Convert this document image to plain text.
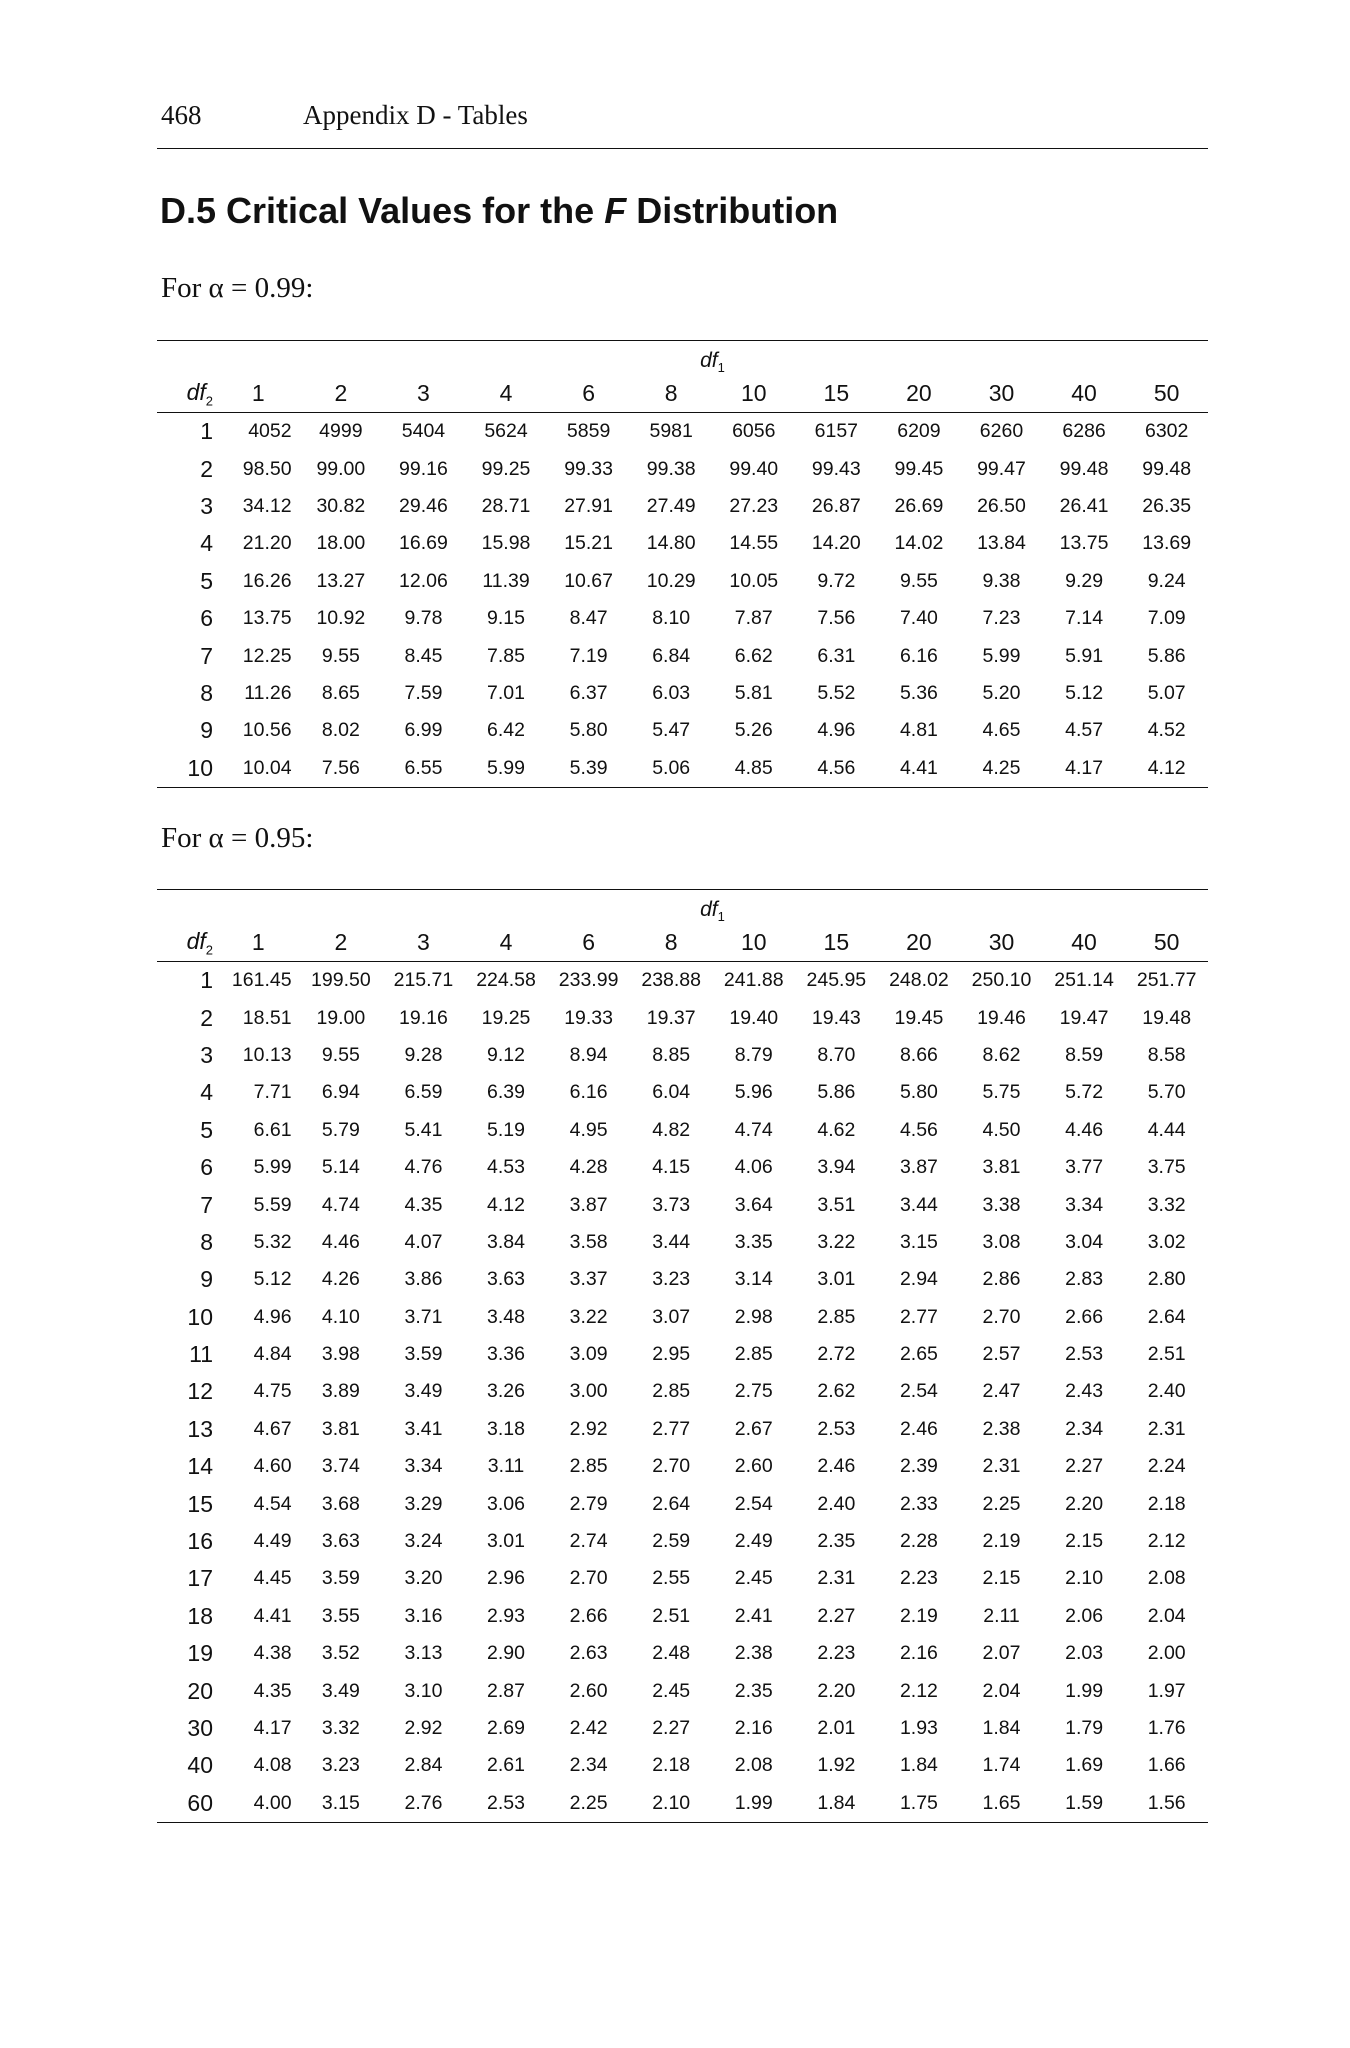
468	Appendix D - Tables
D.5 Critical Values for the F Distribution
For α = 0.99:
	$df_1$
$df_2$	1	2	3	4	6	8	10	15	20	30	40	50
1	4052	4999	5404	5624	5859	5981	6056	6157	6209	6260	6286	6302
2	98.50	99.00	99.16	99.25	99.33	99.38	99.40	99.43	99.45	99.47	99.48	99.48
3	34.12	30.82	29.46	28.71	27.91	27.49	27.23	26.87	26.69	26.50	26.41	26.35
4	21.20	18.00	16.69	15.98	15.21	14.80	14.55	14.20	14.02	13.84	13.75	13.69
5	16.26	13.27	12.06	11.39	10.67	10.29	10.05	9.72	9.55	9.38	9.29	9.24
6	13.75	10.92	9.78	9.15	8.47	8.10	7.87	7.56	7.40	7.23	7.14	7.09
7	12.25	9.55	8.45	7.85	7.19	6.84	6.62	6.31	6.16	5.99	5.91	5.86
8	11.26	8.65	7.59	7.01	6.37	6.03	5.81	5.52	5.36	5.20	5.12	5.07
9	10.56	8.02	6.99	6.42	5.80	5.47	5.26	4.96	4.81	4.65	4.57	4.52
10	10.04	7.56	6.55	5.99	5.39	5.06	4.85	4.56	4.41	4.25	4.17	4.12
For α = 0.95:
	$df_1$
$df_2$	1	2	3	4	6	8	10	15	20	30	40	50
1	161.45	199.50	215.71	224.58	233.99	238.88	241.88	245.95	248.02	250.10	251.14	251.77
2	18.51	19.00	19.16	19.25	19.33	19.37	19.40	19.43	19.45	19.46	19.47	19.48
3	10.13	9.55	9.28	9.12	8.94	8.85	8.79	8.70	8.66	8.62	8.59	8.58
4	7.71	6.94	6.59	6.39	6.16	6.04	5.96	5.86	5.80	5.75	5.72	5.70
5	6.61	5.79	5.41	5.19	4.95	4.82	4.74	4.62	4.56	4.50	4.46	4.44
6	5.99	5.14	4.76	4.53	4.28	4.15	4.06	3.94	3.87	3.81	3.77	3.75
7	5.59	4.74	4.35	4.12	3.87	3.73	3.64	3.51	3.44	3.38	3.34	3.32
8	5.32	4.46	4.07	3.84	3.58	3.44	3.35	3.22	3.15	3.08	3.04	3.02
9	5.12	4.26	3.86	3.63	3.37	3.23	3.14	3.01	2.94	2.86	2.83	2.80
10	4.96	4.10	3.71	3.48	3.22	3.07	2.98	2.85	2.77	2.70	2.66	2.64
11	4.84	3.98	3.59	3.36	3.09	2.95	2.85	2.72	2.65	2.57	2.53	2.51
12	4.75	3.89	3.49	3.26	3.00	2.85	2.75	2.62	2.54	2.47	2.43	2.40
13	4.67	3.81	3.41	3.18	2.92	2.77	2.67	2.53	2.46	2.38	2.34	2.31
14	4.60	3.74	3.34	3.11	2.85	2.70	2.60	2.46	2.39	2.31	2.27	2.24
15	4.54	3.68	3.29	3.06	2.79	2.64	2.54	2.40	2.33	2.25	2.20	2.18
16	4.49	3.63	3.24	3.01	2.74	2.59	2.49	2.35	2.28	2.19	2.15	2.12
17	4.45	3.59	3.20	2.96	2.70	2.55	2.45	2.31	2.23	2.15	2.10	2.08
18	4.41	3.55	3.16	2.93	2.66	2.51	2.41	2.27	2.19	2.11	2.06	2.04
19	4.38	3.52	3.13	2.90	2.63	2.48	2.38	2.23	2.16	2.07	2.03	2.00
20	4.35	3.49	3.10	2.87	2.60	2.45	2.35	2.20	2.12	2.04	1.99	1.97
30	4.17	3.32	2.92	2.69	2.42	2.27	2.16	2.01	1.93	1.84	1.79	1.76
40	4.08	3.23	2.84	2.61	2.34	2.18	2.08	1.92	1.84	1.74	1.69	1.66
60	4.00	3.15	2.76	2.53	2.25	2.10	1.99	1.84	1.75	1.65	1.59	1.56
